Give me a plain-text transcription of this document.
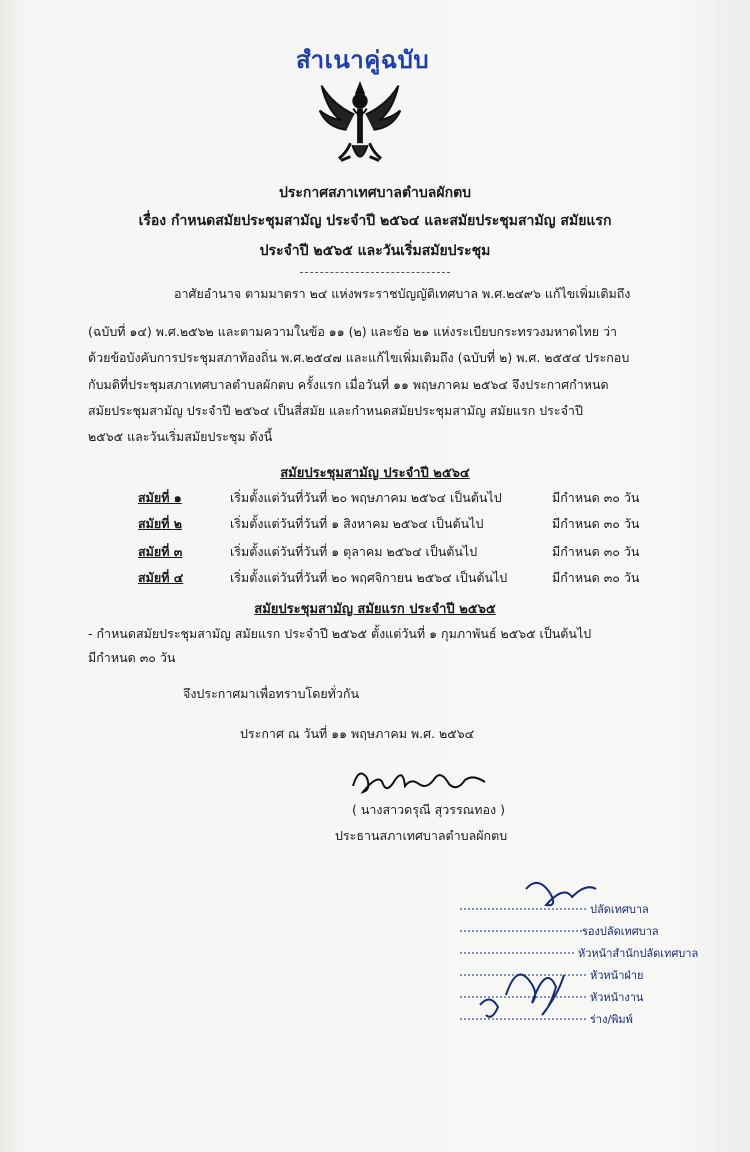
สำเนาคู่ฉบับ
ประกาศสภาเทศบาลตำบลผักตบ
เรื่อง กำหนดสมัยประชุมสามัญ ประจำปี ๒๕๖๔ และสมัยประชุมสามัญ สมัยแรก
ประจำปี ๒๕๖๕ และวันเริ่มสมัยประชุม
อาศัยอำนาจ ตามมาตรา ๒๔ แห่งพระราชบัญญัติเทศบาล พ.ศ.๒๔๙๖ แก้ไขเพิ่มเติมถึง
(ฉบับที่ ๑๔) พ.ศ.๒๕๖๒ และตามความในข้อ ๑๑ (๒) และข้อ ๒๑ แห่งระเบียบกระทรวงมหาดไทย ว่า
ด้วยข้อบังคับการประชุมสภาท้องถิ่น พ.ศ.๒๕๔๗ และแก้ไขเพิ่มเติมถึง (ฉบับที่ ๒) พ.ศ. ๒๕๕๔ ประกอบ
กับมติที่ประชุมสภาเทศบาลตำบลผักตบ ครั้งแรก เมื่อวันที่ ๑๑ พฤษภาคม ๒๕๖๔ จึงประกาศกำหนด
สมัยประชุมสามัญ ประจำปี ๒๕๖๔ เป็นสี่สมัย และกำหนดสมัยประชุมสามัญ สมัยแรก ประจำปี
๒๕๖๕ และวันเริ่มสมัยประชุม ดังนี้
สมัยประชุมสามัญ ประจำปี ๒๕๖๔
สมัยที่ ๑	เริ่มตั้งแต่วันที่วันที่ ๒๐ พฤษภาคม ๒๕๖๔ เป็นต้นไป	มีกำหนด ๓๐ วัน
สมัยที่ ๒	เริ่มตั้งแต่วันที่วันที่ ๑ สิงหาคม ๒๕๖๔ เป็นต้นไป	มีกำหนด ๓๐ วัน
สมัยที่ ๓	เริ่มตั้งแต่วันที่วันที่ ๑ ตุลาคม ๒๕๖๔ เป็นต้นไป	มีกำหนด ๓๐ วัน
สมัยที่ ๔	เริ่มตั้งแต่วันที่วันที่ ๒๐ พฤศจิกายน ๒๕๖๔ เป็นต้นไป	มีกำหนด ๓๐ วัน
สมัยประชุมสามัญ สมัยแรก ประจำปี ๒๕๖๕
- กำหนดสมัยประชุมสามัญ สมัยแรก ประจำปี ๒๕๖๕ ตั้งแต่วันที่ ๑ กุมภาพันธ์ ๒๕๖๕ เป็นต้นไป
มีกำหนด ๓๐ วัน
จึงประกาศมาเพื่อทราบโดยทั่วกัน
ประกาศ ณ วันที่ ๑๑ พฤษภาคม พ.ศ. ๒๕๖๔
( นางสาวดรุณี สุวรรณทอง )
ประธานสภาเทศบาลตำบลผักตบ
ปลัดเทศบาล
รองปลัดเทศบาล
หัวหน้าสำนักปลัดเทศบาล
หัวหน้าฝ่าย
หัวหน้างาน
ร่าง/พิมพ์
